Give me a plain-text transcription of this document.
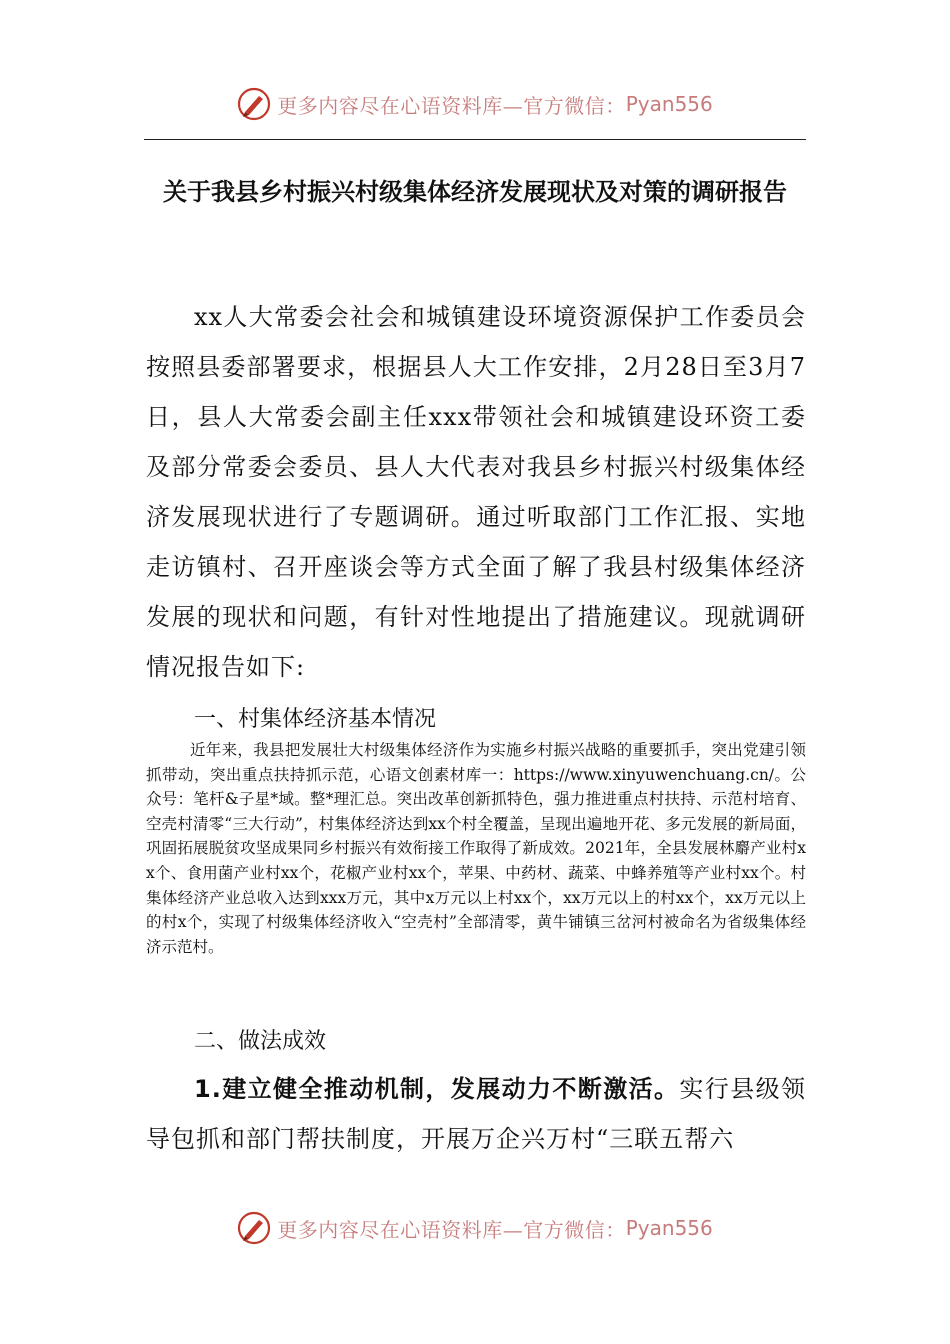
更多内容尽在心语资料库—官方微信： Pyan556
关于我县乡村振兴村级集体经济发展现状及对策的调研报告
xx人大常委会社会和城镇建设环境资源保护工作委员会按照县委部署要求，根据县人大工作安排，2月28日至3月7日，县人大常委会副主任xxx带领社会和城镇建设环资工委及部分常委会委员、县人大代表对我县乡村振兴村级集体经济发展现状进行了专题调研。通过听取部门工作汇报、实地走访镇村、召开座谈会等方式全面了解了我县村级集体经济发展的现状和问题，有针对性地提出了措施建议。现就调研情况报告如下:
一、村集体经济基本情况
近年来，我县把发展壮大村级集体经济作为实施乡村振兴战略的重要抓手，突出党建引领抓带动，突出重点扶持抓示范，心语文创素材库一：https://www.xinyuwenchuang.cn/。公众号：笔杆&子星*域。整*理汇总。突出改革创新抓特色，强力推进重点村扶持、示范村培育、空壳村清零“三大行动”，村集体经济达到xx个村全覆盖，呈现出遍地开花、多元发展的新局面，巩固拓展脱贫攻坚成果同乡村振兴有效衔接工作取得了新成效。2021年，全县发展林麝产业村xx个、食用菌产业村xx个，花椒产业村xx个，苹果、中药材、蔬菜、中蜂养殖等产业村xx个。村集体经济产业总收入达到xxx万元，其中x万元以上村xx个，xx万元以上的村xx个，xx万元以上的村x个，实现了村级集体经济收入“空壳村”全部清零，黄牛铺镇三岔河村被命名为省级集体经济示范村。
二、做法成效
1.建立健全推动机制，发展动力不断激活。实行县级领导包抓和部门帮扶制度，开展万企兴万村“三联五帮六
更多内容尽在心语资料库—官方微信： Pyan556
